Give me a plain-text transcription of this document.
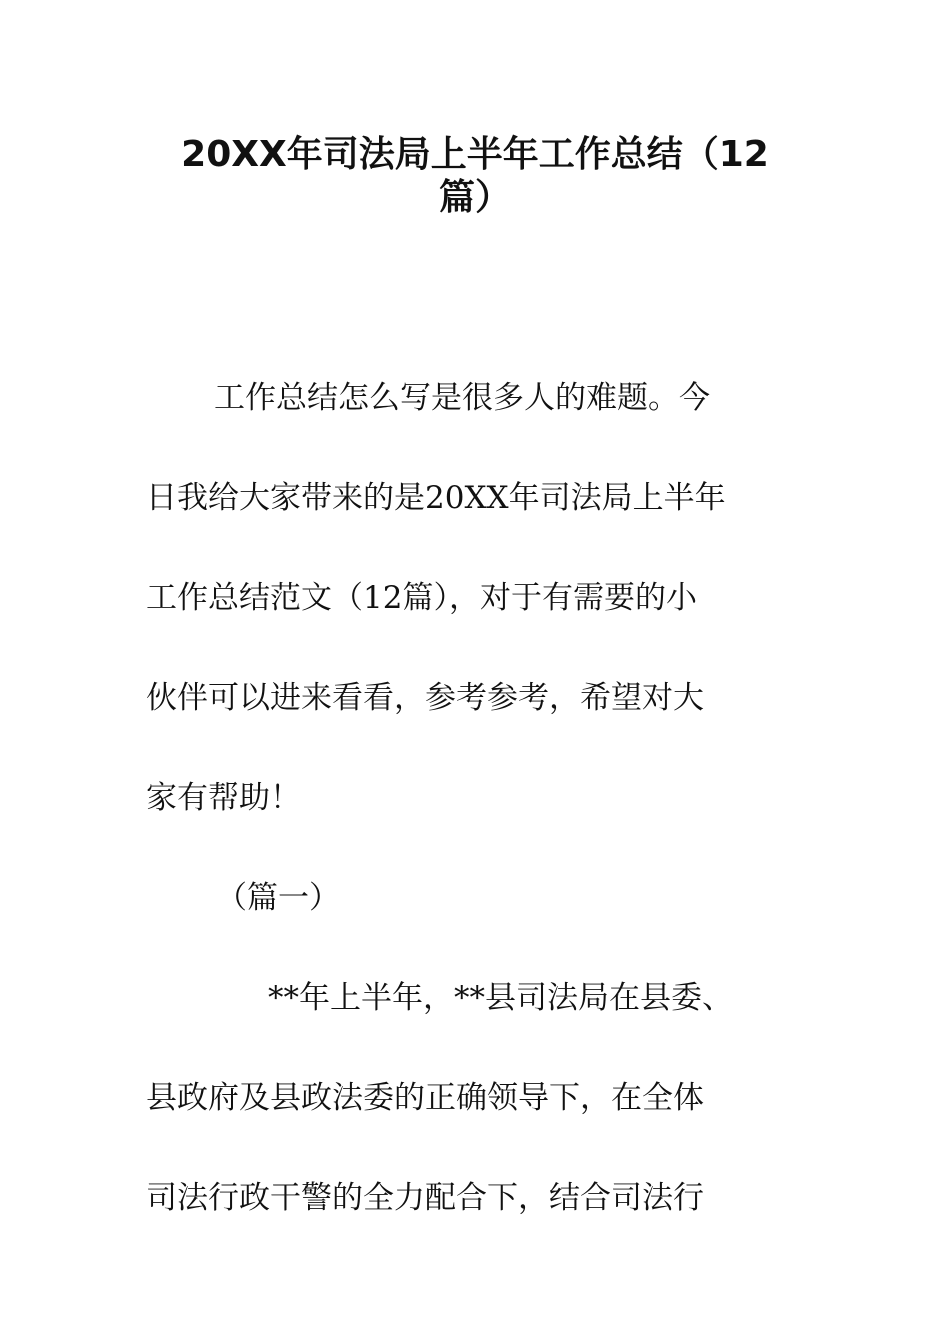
20XX年司法局上半年工作总结（12
篇）
工作总结怎么写是很多人的难题。今
日我给大家带来的是20XX年司法局上半年
工作总结范文（12篇），对于有需要的小
伙伴可以进来看看，参考参考，希望对大
家有帮助！
（篇一）
**年上半年，**县司法局在县委、
县政府及县政法委的正确领导下，在全体
司法行政干警的全力配合下，结合司法行
